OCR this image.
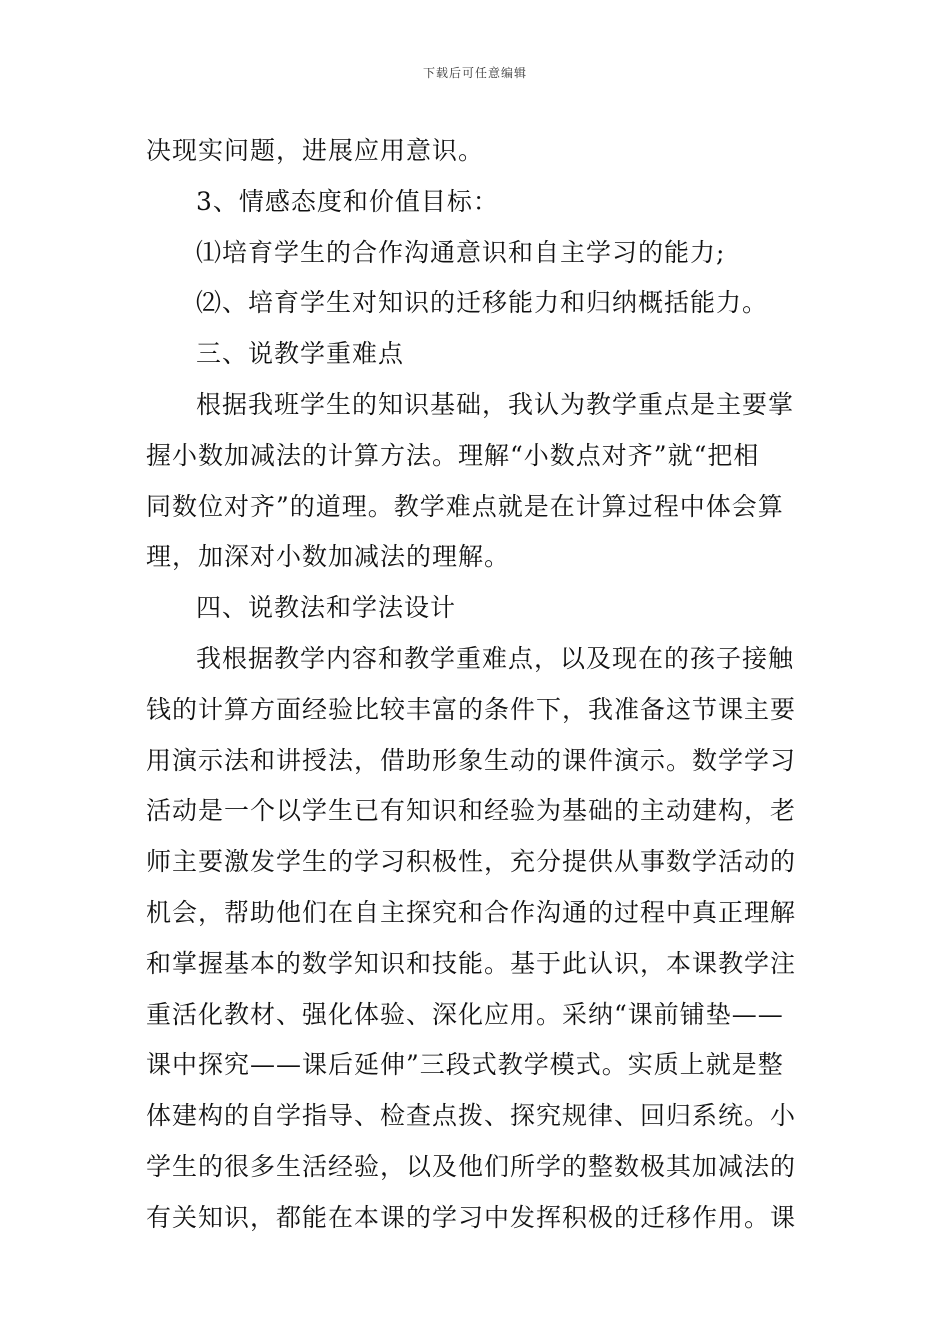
下载后可任意编辑
决现实问题，进展应用意识。
3、情感态度和价值目标：
⑴培育学生的合作沟通意识和自主学习的能力;
⑵、培育学生对知识的迁移能力和归纳概括能力。
三、说教学重难点
根据我班学生的知识基础，我认为教学重点是主要掌
握小数加减法的计算方法。理解“小数点对齐”就“把相
同数位对齐”的道理。教学难点就是在计算过程中体会算
理，加深对小数加减法的理解。
四、说教法和学法设计
我根据教学内容和教学重难点，以及现在的孩子接触
钱的计算方面经验比较丰富的条件下，我准备这节课主要
用演示法和讲授法，借助形象生动的课件演示。数学学习
活动是一个以学生已有知识和经验为基础的主动建构，老
师主要激发学生的学习积极性，充分提供从事数学活动的
机会，帮助他们在自主探究和合作沟通的过程中真正理解
和掌握基本的数学知识和技能。基于此认识，本课教学注
重活化教材、强化体验、深化应用。采纳“课前铺垫——
课中探究——课后延伸”三段式教学模式。实质上就是整
体建构的自学指导、检查点拨、探究规律、回归系统。小
学生的很多生活经验，以及他们所学的整数极其加减法的
有关知识，都能在本课的学习中发挥积极的迁移作用。课
